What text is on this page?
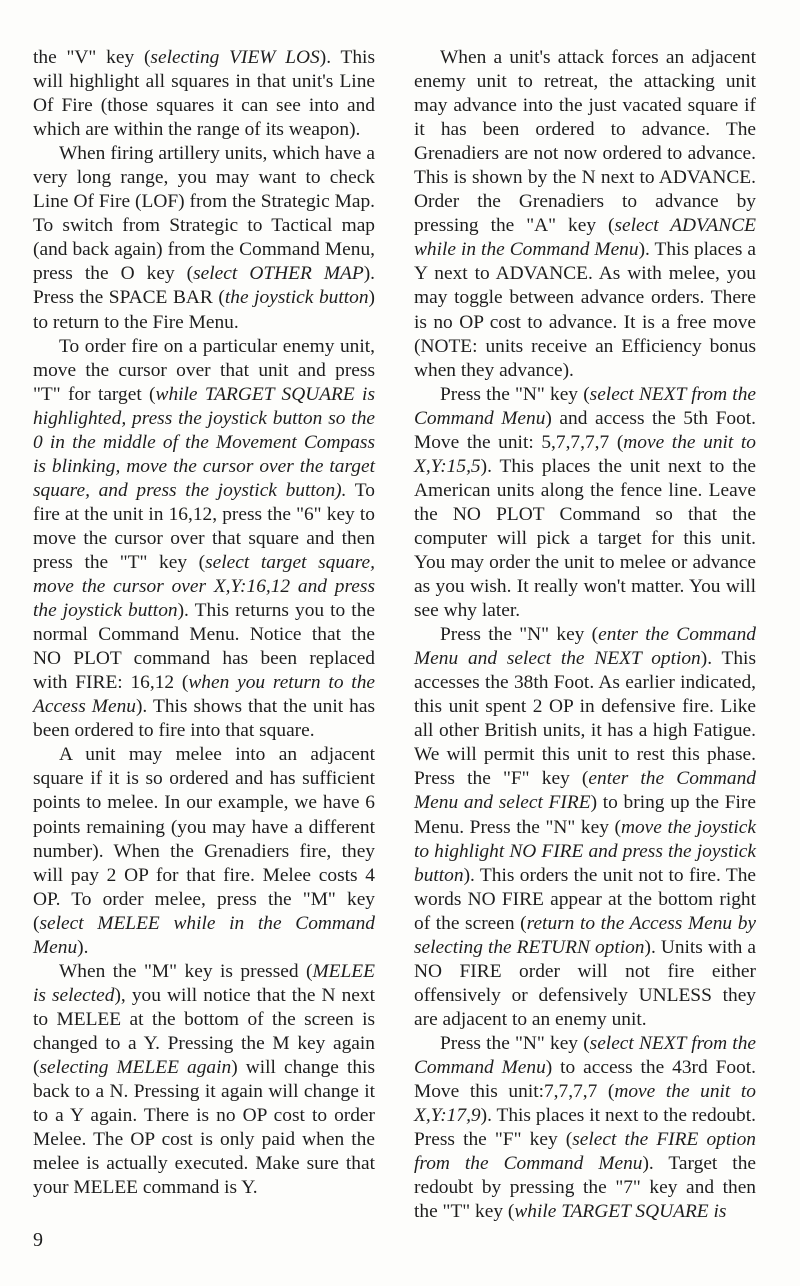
the "V" key (selecting VIEW LOS). This will highlight all squares in that unit's Line Of Fire (those squares it can see into and which are within the range of its weapon).

When firing artillery units, which have a very long range, you may want to check Line Of Fire (LOF) from the Strategic Map. To switch from Strategic to Tactical map (and back again) from the Command Menu, press the O key (select OTHER MAP). Press the SPACE BAR (the joystick button) to return to the Fire Menu.

To order fire on a particular enemy unit, move the cursor over that unit and press "T" for target (while TARGET SQUARE is highlighted, press the joystick button so the 0 in the middle of the Movement Compass is blinking, move the cursor over the target square, and press the joystick button). To fire at the unit in 16,12, press the "6" key to move the cursor over that square and then press the "T" key (select target square, move the cursor over X,Y:16,12 and press the joystick button). This returns you to the normal Command Menu. Notice that the NO PLOT command has been replaced with FIRE: 16,12 (when you return to the Access Menu). This shows that the unit has been ordered to fire into that square.

A unit may melee into an adjacent square if it is so ordered and has sufficient points to melee. In our example, we have 6 points remaining (you may have a different number). When the Grenadiers fire, they will pay 2 OP for that fire. Melee costs 4 OP. To order melee, press the "M" key (select MELEE while in the Command Menu).

When the "M" key is pressed (MELEE is selected), you will notice that the N next to MELEE at the bottom of the screen is changed to a Y. Pressing the M key again (selecting MELEE again) will change this back to a N. Pressing it again will change it to a Y again. There is no OP cost to order Melee. The OP cost is only paid when the melee is actually executed. Make sure that your MELEE command is Y.

When a unit's attack forces an adjacent enemy unit to retreat, the attacking unit may advance into the just vacated square if it has been ordered to advance. The Grenadiers are not now ordered to advance. This is shown by the N next to ADVANCE. Order the Grenadiers to advance by pressing the "A" key (select ADVANCE while in the Command Menu). This places a Y next to ADVANCE. As with melee, you may toggle between advance orders. There is no OP cost to advance. It is a free move (NOTE: units receive an Efficiency bonus when they advance).

Press the "N" key (select NEXT from the Command Menu) and access the 5th Foot. Move the unit: 5,7,7,7,7 (move the unit to X,Y:15,5). This places the unit next to the American units along the fence line. Leave the NO PLOT Command so that the computer will pick a target for this unit. You may order the unit to melee or advance as you wish. It really won't matter. You will see why later.

Press the "N" key (enter the Command Menu and select the NEXT option). This accesses the 38th Foot. As earlier indicated, this unit spent 2 OP in defensive fire. Like all other British units, it has a high Fatigue. We will permit this unit to rest this phase. Press the "F" key (enter the Command Menu and select FIRE) to bring up the Fire Menu. Press the "N" key (move the joystick to highlight NO FIRE and press the joystick button). This orders the unit not to fire. The words NO FIRE appear at the bottom right of the screen (return to the Access Menu by selecting the RETURN option). Units with a NO FIRE order will not fire either offensively or defensively UNLESS they are adjacent to an enemy unit.

Press the "N" key (select NEXT from the Command Menu) to access the 43rd Foot. Move this unit:7,7,7,7 (move the unit to X,Y:17,9). This places it next to the redoubt. Press the "F" key (select the FIRE option from the Command Menu). Target the redoubt by pressing the "7" key and then the "T" key (while TARGET SQUARE is

9
